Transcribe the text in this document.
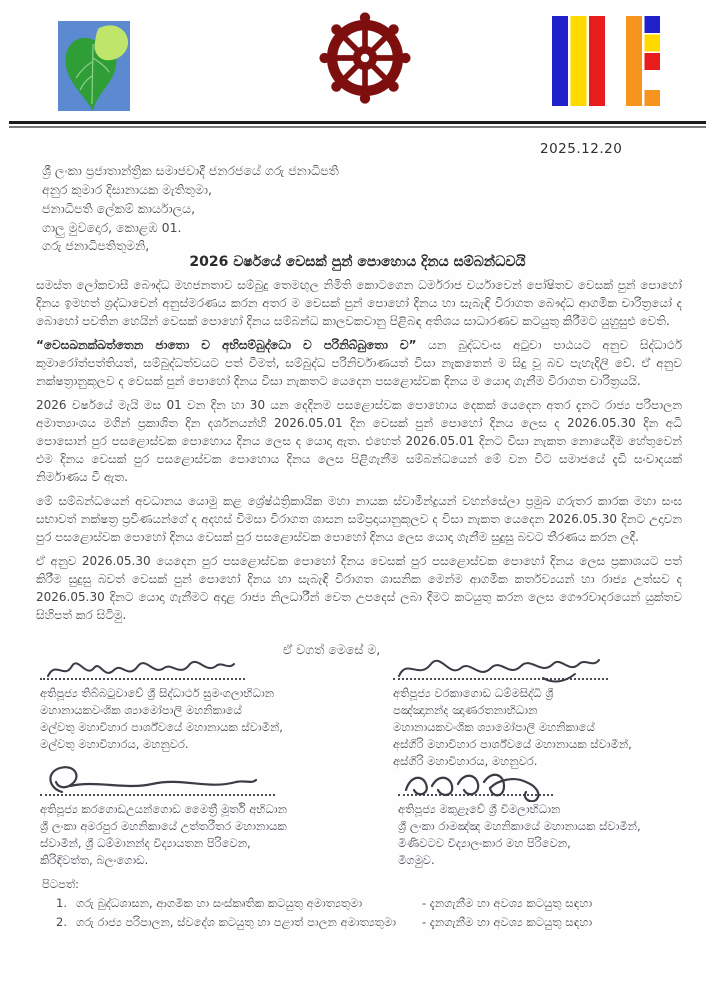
2025.12.20
ශ්‍රී ලංකා ප්‍රජාතාන්ත්‍රික සමාජවාදී ජනරජයේ ගරු ජනාධිපති
අනුර කුමාර දිසානායක මැතිතුමා,
ජනාධිපති ලේකම් කාර්යාලය,
ගාලු මුවදොර, කොළඹ 01.
ගරු ජනාධිපතිතුමනි,
2026 වර්ෂයේ වෙසක් පුන් පොහොය දිනය සම්බන්ධවයි

සමස්ත ලෝකවාසී බෞද්ධ මහජනතාව සම්බුදු තෙමඟුල නිමිති කොටගෙන ධර්මරාජ චර්යාවෙන් පෝෂිතව වෙසක් පුන් පොහෝ දිනය ඉමහත් ශ්‍රද්ධාවෙන් අනුස්මරණය කරන අතර ම වෙසක් පුන් පොහෝ දිනය හා සැබැඳි විරාගත බෞද්ධ ආගමික චාරිත්‍රයෝ ද බොහෝ පවතින හෙයින් වෙසක් පොහෝ දිනය සම්බන්ධ කාලවකවානු පිළිබඳ අතිශය සාධාරණව කටයුතු කිරීමට යුහුසුළු වෙති.

“වෙසඛනක්ඛත්තෙන ජාතො ච අභිසම්බුද්ධො ච පරිනිබ්බුතො ච” යන බුද්ධවංස අටුවා පාඨයට අනුව සිද්ධාර්ථ කුමාරෝත්පත්තියත්, සම්බුද්ධත්වයට පත් වීමත්, සම්බුද්ධ පරිනිර්වාණයත් විසා නැකතෙන් ම සිදු වූ බව පැහැදිලි වේ. ඒ අනුව නක්ෂත්‍රානුකූලව ද වෙසක් පුන් පොහෝ දිනය විසා නැකතට යෙදෙන පසළොස්වක දිනය ම යොදා ගැනීම විරාගත චාරිත්‍රයයි.

2026 වර්ෂයේ මැයි මස 01 වන දින හා 30 යන දෙදිනම පසළොස්වක පොහොය දෙකක් යෙදෙන අතර දැනට රාජ්‍ය පරිපාලන අමාත්‍යාංශය මගින් ප්‍රකාශිත දින දර්ශනයන්හි 2026.05.01 දින වෙසක් පුන් පොහෝ දිනය ලෙස ද 2026.05.30 දින අධි පොසොන් පුර පසළොස්වක පොහොය දිනය ලෙස ද යොදා ඇත. එහෙත් 2026.05.01 දිනට විසා නැකත නොයෙදීම හේතුවෙන් එම දිනය වෙසක් පුර පසළොස්වක පොහොය දිනය ලෙස පිළිගැනීම සම්බන්ධයෙන් මේ වන විට සමාජයේ දැඩි සංවාදයක් නිර්මාණය වී ඇත.

මේ සම්බන්ධයෙන් අවධානය යොමු කළ ශ්‍රේෂ්ඨත්‍රිකායික මහා නායක ස්වාමීන්ද්‍රයන් වහන්සේලා ප්‍රමුඛ ගරුතර කාරක මහා සංඝ සභාවත් නක්ෂත්‍ර ප්‍රවීණයන්ගේ ද අදහස් විමසා විරාගත ශාසන සම්ප්‍රදායානුකූලව ද විසා නැකත යෙදෙන 2026.05.30 දිනට උදාවන පුර පසළොස්වක පොහෝ දිනය වෙසක් පුර පසළොස්වක පොහෝ දිනය ලෙස යොදා ගැනීම සුදුසු බවට තීරණය කරන ලදී.

ඒ අනුව 2026.05.30 යෙදෙන පුර පසළොස්වක පොහෝ දිනය වෙසක් පුර පසළොස්වක පොහෝ දිනය ලෙස ප්‍රකාශයට පත් කිරීම සුදුසු බවත් වෙසක් පුන් පොහෝ දිනය හා සැබැඳි විරාගත ශාසනික මෙන්ම ආගමික කර්තව්‍යයන් හා රාජ්‍ය උත්සව ද 2026.05.30 දිනට යොදා ගැනීමට අදාළ රාජ්‍ය නිලධාරීන් වෙත උපදෙස් ලබා දීමට කටයුතු කරන ලෙස ගෞරවාදරයෙන් යුක්තව සිහිපත් කර සිටිමු.

ඒ වගත් මෙසේ ම,
අතිපූජ්‍ය තිබ්බටුවාවේ ශ්‍රී සිද්ධාර්ථ සුමංගලාභිධාන
මහානායකවංශික ශ්‍යාමෝපාලි මහනිකායේ
මල්වතු මහාවිහාර පාර්ශ්වයේ මහානායක ස්වාමීන්,
මල්වතු මහාවිහාරය, මහනුවර.
අතිපූජ්‍ය වරකාගොඩ ධම්මසිද්ධි ශ්‍රී
පඤ්ඤානන්ද ඤාණරතනාභිධාන
මහානායකවංශික ශ්‍යාමෝපාලි මහනිකායේ
අස්ගිරි මහාවිහාර පාර්ශ්වයේ මහානායක ස්වාමීන්,
අස්ගිරි මහාවිහාරය, මහනුවර.
අතිපූජ්‍ය කරගොඩඋයන්ගොඩ මෛත්‍රී මූර්ති අභිධාන
ශ්‍රී ලංකා අමරපුර මහනිකායේ උත්තරීතර මහානායක
ස්වාමීන්, ශ්‍රී ධම්මානන්ද විද්‍යායතන පිරිවෙන,
කිරිඳිවත්ත, බලංගොඩ.
අතිපූජ්‍ය මකුළෑවේ ශ්‍රී විමලාභිධාන
ශ්‍රී ලංකා රාමඤ්ඤ මහනිකායේ මහානායක ස්වාමීන්,
මිණිවටව විද්‍යාලංකාර මහ පිරිවෙන,
මීගමුව.
පිටපත්:
1. ගරු බුද්ධශාසන, ආගමික හා සංස්කෘතික කටයුතු අමාත්‍යතුමා	- දැනගැනීම හා අවශ්‍ය කටයුතු සඳහා
2. ගරු රාජ්‍ය පරිපාලන, ස්වදේශ කටයුතු හා පළාත් පාලන අමාත්‍යතුමා	- දැනගැනීම හා අවශ්‍ය කටයුතු සඳහා
